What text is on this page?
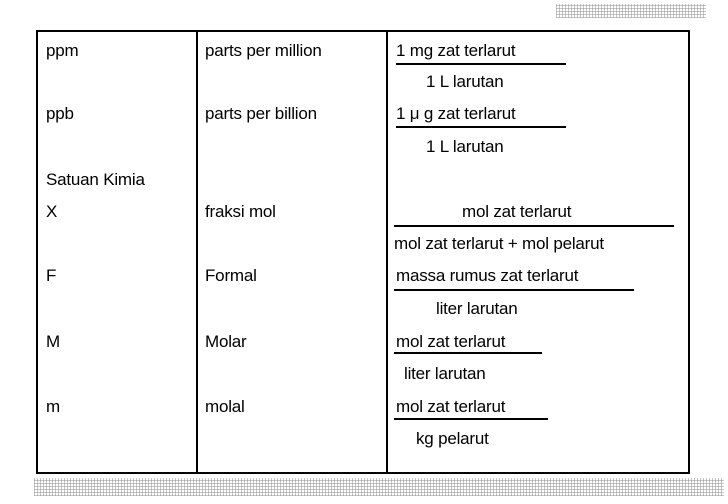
ppm	parts per million	1 mg zat terlarut
1 L larutan
ppb	parts per billion	1 μ g zat terlarut
1 L larutan
Satuan Kimia
X	fraksi mol	mol zat terlarut
mol zat terlarut + mol pelarut
F	Formal	massa rumus zat terlarut
liter larutan
M	Molar	mol zat terlarut
liter larutan
m	molal	mol zat terlarut
kg pelarut
